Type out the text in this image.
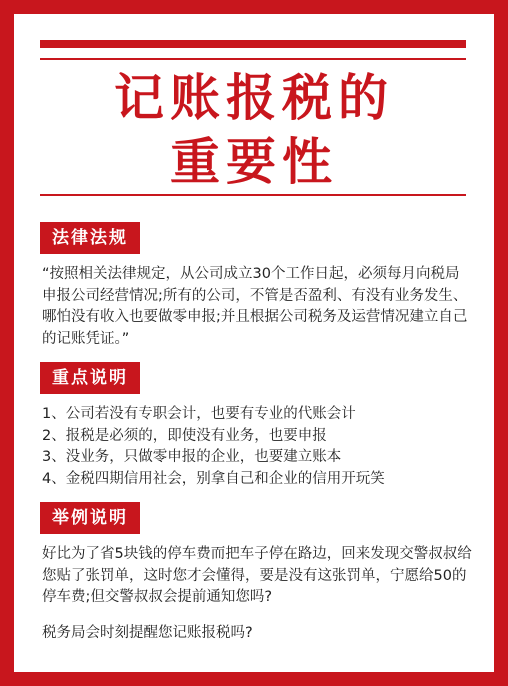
记账报税的
重要性
法律法规
“按照相关法律规定，从公司成立30个工作日起，必须每月向税局申报公司经营情况;所有的公司，不管是否盈利、有没有业务发生、哪怕没有收入也要做零申报;并且根据公司税务及运营情况建立自己的记账凭证。”
重点说明
1、公司若没有专职会计，也要有专业的代账会计
2、报税是必须的，即使没有业务，也要申报
3、没业务，只做零申报的企业，也要建立账本
4、金税四期信用社会，别拿自己和企业的信用开玩笑
举例说明
好比为了省5块钱的停车费而把车子停在路边，回来发现交警叔叔给您贴了张罚单，这时您才会懂得，要是没有这张罚单，宁愿给50的停车费;但交警叔叔会提前通知您吗?
税务局会时刻提醒您记账报税吗?
